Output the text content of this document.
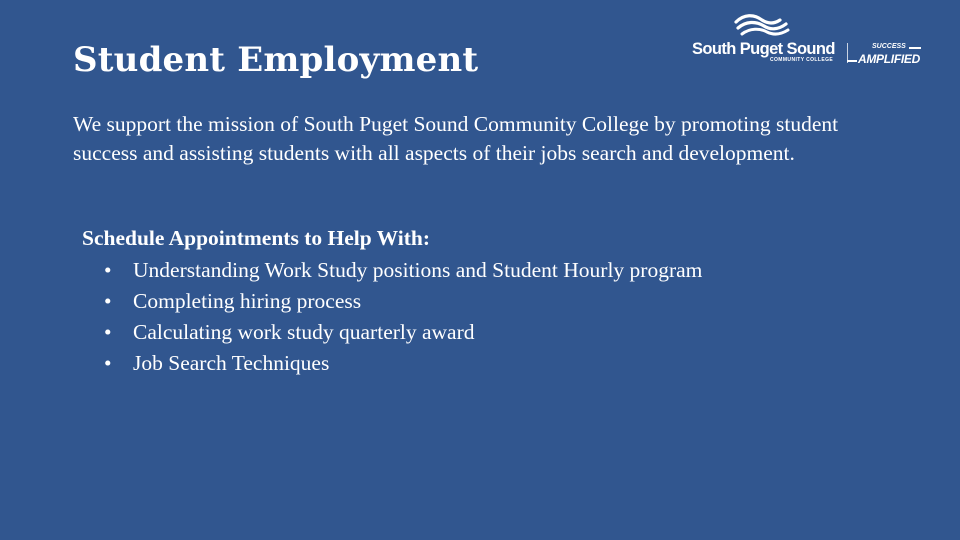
Student Employment	South Puget Sound
COMMUNITY COLLEGE
SUCCESS
AMPLIFIED

We support the mission of South Puget Sound Community College by promoting student success and assisting students with all aspects of their jobs search and development.

Schedule Appointments to Help With:

• Understanding Work Study positions and Student Hourly program
• Completing hiring process
• Calculating work study quarterly award
• Job Search Techniques
